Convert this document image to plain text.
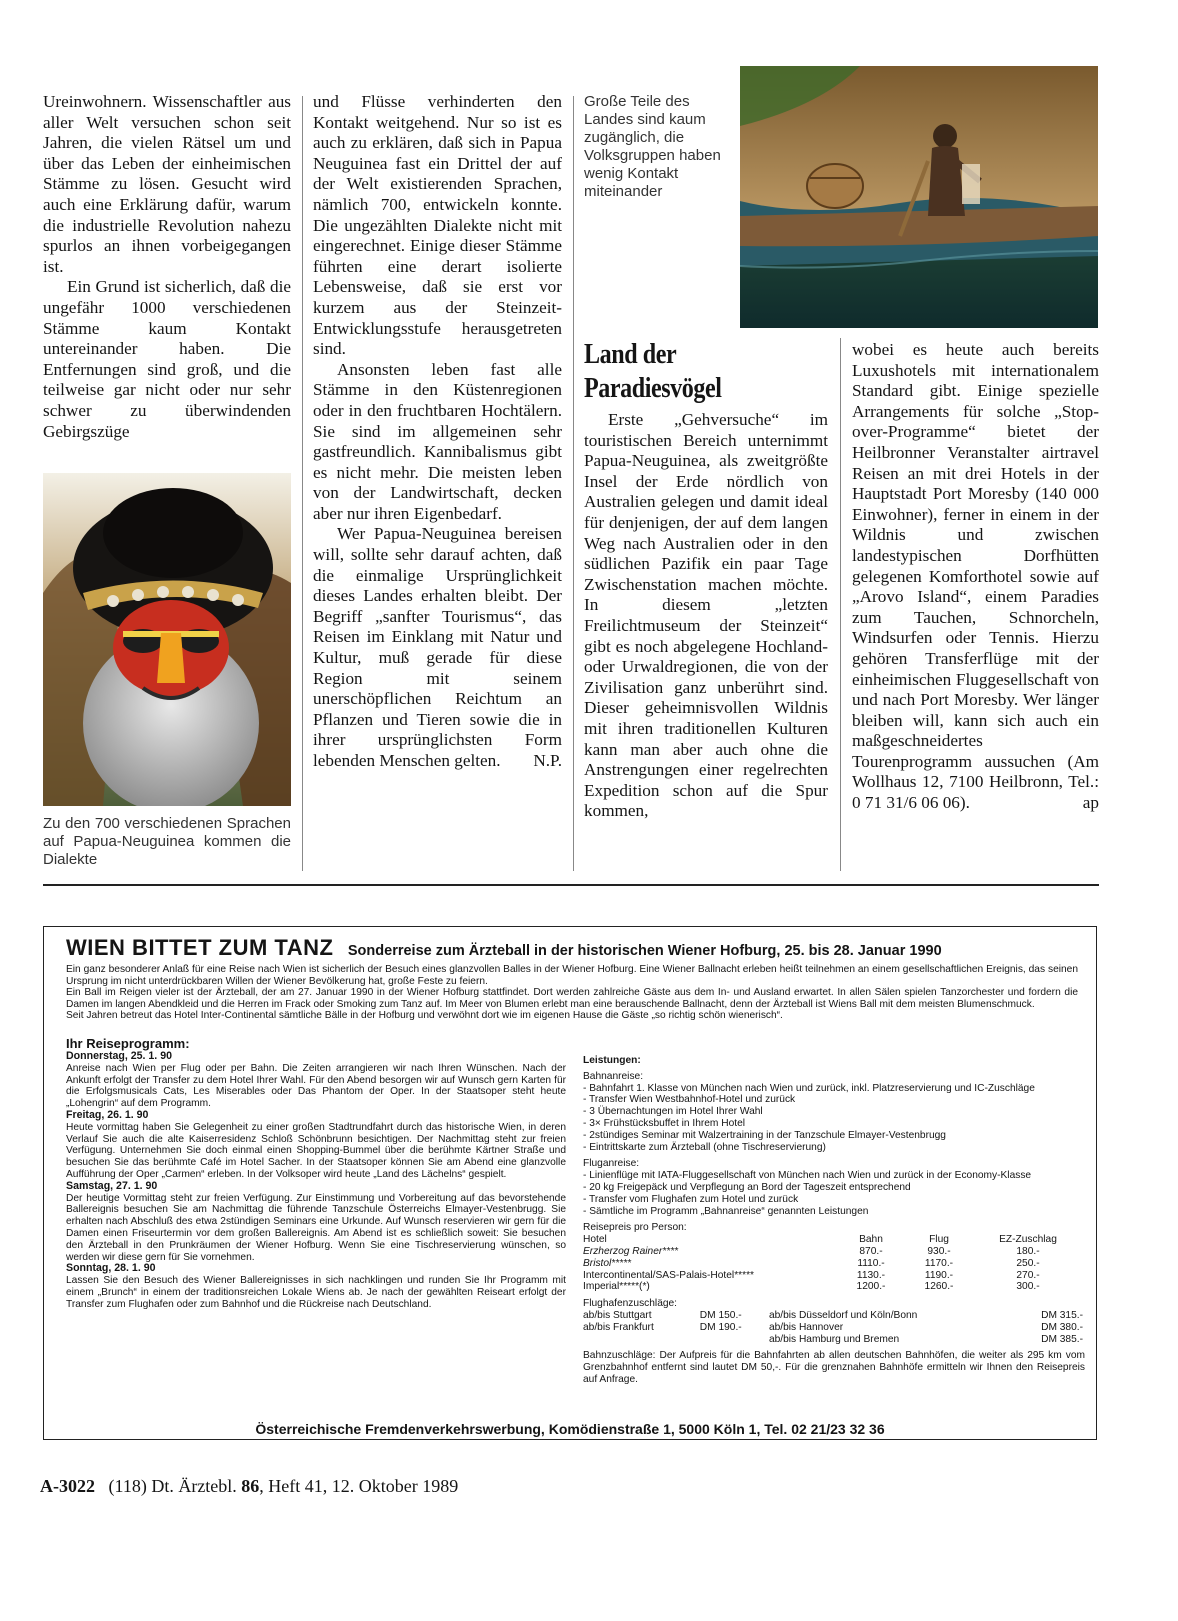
Ureinwohnern. Wissenschaftler aus aller Welt versuchen schon seit Jahren, die vielen Rätsel um und über das Leben der einheimischen Stämme zu lösen. Gesucht wird auch eine Erklärung dafür, warum die industrielle Revolution nahezu spurlos an ihnen vorbeigegangen ist.

Ein Grund ist sicherlich, daß die ungefähr 1000 verschiedenen Stämme kaum Kontakt untereinander haben. Die Entfernungen sind groß, und die teilweise gar nicht oder nur sehr schwer zu überwindenden Gebirgszüge

Zu den 700 verschiedenen Sprachen auf Papua-Neuguinea kommen die Dialekte

und Flüsse verhinderten den Kontakt weitgehend. Nur so ist es auch zu erklären, daß sich in Papua Neuguinea fast ein Drittel der auf der Welt existierenden Sprachen, nämlich 700, entwickeln konnte. Die ungezählten Dialekte nicht mit eingerechnet. Einige dieser Stämme führten eine derart isolierte Lebensweise, daß sie erst vor kurzem aus der Steinzeit-Entwicklungsstufe herausgetreten sind.

Ansonsten leben fast alle Stämme in den Küstenregionen oder in den fruchtbaren Hochtälern. Sie sind im allgemeinen sehr gastfreundlich. Kannibalismus gibt es nicht mehr. Die meisten leben von der Landwirtschaft, decken aber nur ihren Eigenbedarf.

Wer Papua-Neuguinea bereisen will, sollte sehr darauf achten, daß die einmalige Ursprünglichkeit dieses Landes erhalten bleibt. Der Begriff „sanfter Tourismus“, das Reisen im Einklang mit Natur und Kultur, muß gerade für diese Region mit seinem unerschöpflichen Reichtum an Pflanzen und Tieren sowie die in ihrer ursprünglichsten Form lebenden Menschen gelten.	N.P.

Große Teile des Landes sind kaum zugänglich, die Volksgruppen haben wenig Kontakt miteinander
Land der Paradiesvögel

Erste „Gehversuche“ im touristischen Bereich unternimmt Papua-Neuguinea, als zweitgrößte Insel der Erde nördlich von Australien gelegen und damit ideal für denjenigen, der auf dem langen Weg nach Australien oder in den südlichen Pazifik ein paar Tage Zwischenstation machen möchte. In diesem „letzten Freilichtmuseum der Steinzeit“ gibt es noch abgelegene Hochland- oder Urwaldregionen, die von der Zivilisation ganz unberührt sind. Dieser geheimnisvollen Wildnis mit ihren traditionellen Kulturen kann man aber auch ohne die Anstrengungen einer regelrechten Expedition schon auf die Spur kommen,

wobei es heute auch bereits Luxushotels mit internationalem Standard gibt. Einige spezielle Arrangements für solche „Stop-over-Programme“ bietet der Heilbronner Veranstalter airtravel Reisen an mit drei Hotels in der Hauptstadt Port Moresby (140 000 Einwohner), ferner in einem in der Wildnis und zwischen landestypischen Dorfhütten gelegenen Komforthotel sowie auf „Arovo Island“, einem Paradies zum Tauchen, Schnorcheln, Windsurfen oder Tennis. Hierzu gehören Transferflüge mit der einheimischen Fluggesellschaft von und nach Port Moresby. Wer länger bleiben will, kann sich auch ein maßgeschneidertes Tourenprogramm aussuchen (Am Wollhaus 12, 7100 Heilbronn, Tel.: 0 71 31/6 06 06).	ap

WIEN BITTET ZUM TANZ Sonderreise zum Ärzteball in der historischen Wiener Hofburg, 25. bis 28. Januar 1990

Ein ganz besonderer Anlaß für eine Reise nach Wien ist sicherlich der Besuch eines glanzvollen Balles in der Wiener Hofburg. Eine Wiener Ballnacht erleben heißt teilnehmen an einem gesellschaftlichen Ereignis, das seinen Ursprung im nicht unterdrückbaren Willen der Wiener Bevölkerung hat, große Feste zu feiern.

Ein Ball im Reigen vieler ist der Ärzteball, der am 27. Januar 1990 in der Wiener Hofburg stattfindet. Dort werden zahlreiche Gäste aus dem In- und Ausland erwartet. In allen Sälen spielen Tanzorchester und fordern die Damen im langen Abendkleid und die Herren im Frack oder Smoking zum Tanz auf. Im Meer von Blumen erlebt man eine berauschende Ballnacht, denn der Ärzteball ist Wiens Ball mit dem meisten Blumenschmuck.

Seit Jahren betreut das Hotel Inter-Continental sämtliche Bälle in der Hofburg und verwöhnt dort wie im eigenen Hause die Gäste „so richtig schön wienerisch“.

Ihr Reiseprogramm:
Donnerstag, 25. 1. 90

Anreise nach Wien per Flug oder per Bahn. Die Zeiten arrangieren wir nach Ihren Wünschen. Nach der Ankunft erfolgt der Transfer zu dem Hotel Ihrer Wahl. Für den Abend besorgen wir auf Wunsch gern Karten für die Erfolgsmusicals Cats, Les Miserables oder Das Phantom der Oper. In der Staatsoper steht heute „Lohengrin“ auf dem Programm.

Freitag, 26. 1. 90

Heute vormittag haben Sie Gelegenheit zu einer großen Stadtrundfahrt durch das historische Wien, in deren Verlauf Sie auch die alte Kaiserresidenz Schloß Schönbrunn besichtigen. Der Nachmittag steht zur freien Verfügung. Unternehmen Sie doch einmal einen Shopping-Bummel über die berühmte Kärtner Straße und besuchen Sie das berühmte Café im Hotel Sacher. In der Staatsoper können Sie am Abend eine glanzvolle Aufführung der Oper „Carmen“ erleben. In der Volksoper wird heute „Land des Lächelns“ gespielt.

Samstag, 27. 1. 90

Der heutige Vormittag steht zur freien Verfügung. Zur Einstimmung und Vorbereitung auf das bevorstehende Ballereignis besuchen Sie am Nachmittag die führende Tanzschule Österreichs Elmayer-Vestenbrugg. Sie erhalten nach Abschluß des etwa 2stündigen Seminars eine Urkunde. Auf Wunsch reservieren wir gern für die Damen einen Friseurtermin vor dem großen Ballereignis. Am Abend ist es schließlich soweit: Sie besuchen den Ärzteball in den Prunkräumen der Wiener Hofburg. Wenn Sie eine Tischreservierung wünschen, so werden wir diese gern für Sie vornehmen.

Sonntag, 28. 1. 90

Lassen Sie den Besuch des Wiener Ballereignisses in sich nachklingen und runden Sie Ihr Programm mit einem „Brunch“ in einem der traditionsreichen Lokale Wiens ab. Je nach der gewählten Reiseart erfolgt der Transfer zum Flughafen oder zum Bahnhof und die Rückreise nach Deutschland.

Leistungen:
Bahnanreise:
- Bahnfahrt 1. Klasse von München nach Wien und zurück, inkl. Platzreservierung und IC-Zuschläge
- Transfer Wien Westbahnhof-Hotel und zurück
- 3 Übernachtungen im Hotel Ihrer Wahl
- 3× Frühstücksbuffet in Ihrem Hotel
- 2stündiges Seminar mit Walzertraining in der Tanzschule Elmayer-Vestenbrugg
- Eintrittskarte zum Ärzteball (ohne Tischreservierung)
Fluganreise:
- Linienflüge mit IATA-Fluggesellschaft von München nach Wien und zurück in der Economy-Klasse
- 20 kg Freigepäck und Verpflegung an Bord der Tageszeit entsprechend
- Transfer vom Flughafen zum Hotel und zurück
- Sämtliche im Programm „Bahnanreise“ genannten Leistungen
Reisepreis pro Person:
Hotel	Bahn	Flug	EZ-Zuschlag
Erzherzog Rainer****	870.-	930.-	180.-
Bristol*****	1110.-	1170.-	250.-
Intercontinental/SAS-Palais-Hotel*****	1130.-	1190.-	270.-
Imperial*****(*)	1200.-	1260.-	300.-
Flughafenzuschläge:
ab/bis Stuttgart	DM 150.-	ab/bis Düsseldorf und Köln/Bonn	DM 315.-
ab/bis Frankfurt	DM 190.-	ab/bis Hannover	DM 380.-
		ab/bis Hamburg und Bremen	DM 385.-
Bahnzuschläge: Der Aufpreis für die Bahnfahrten ab allen deutschen Bahnhöfen, die weiter als 295 km vom Grenzbahnhof entfernt sind lautet DM 50,-. Für die grenznahen Bahnhöfe ermitteln wir Ihnen den Reisepreis auf Anfrage.
Österreichische Fremdenverkehrswerbung, Komödienstraße 1, 5000 Köln 1, Tel. 02 21/23 32 36
A-3022 (118) Dt. Ärztebl. 86, Heft 41, 12. Oktober 1989
